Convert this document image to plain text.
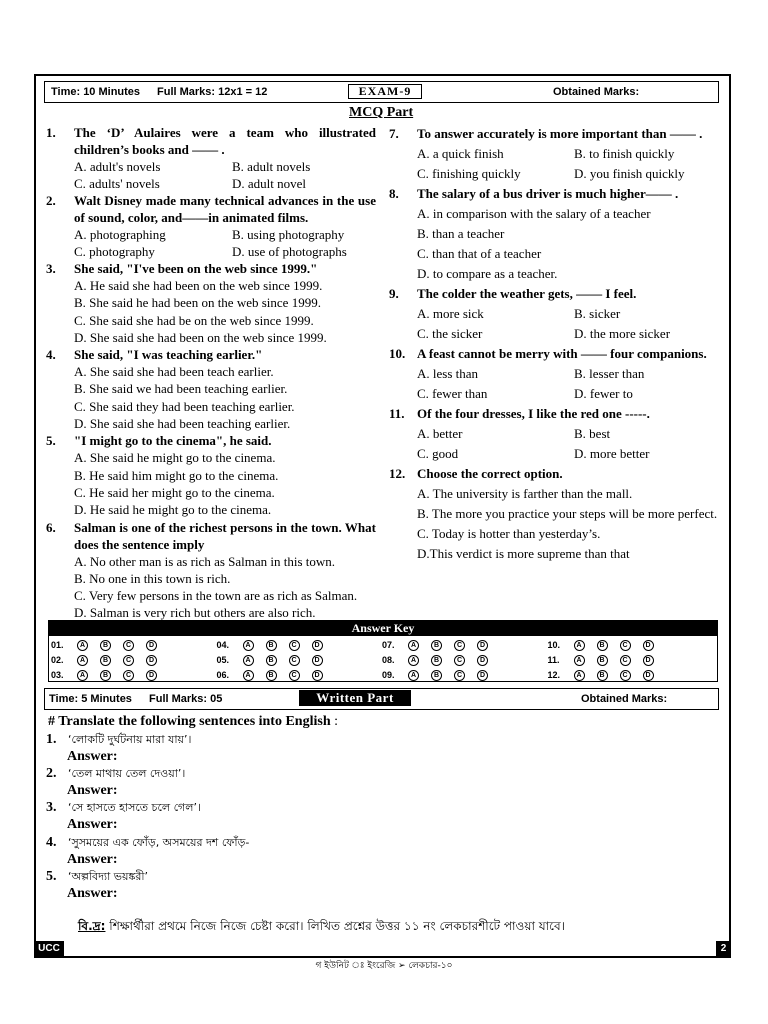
Time: 10 Minutes Full Marks: 12x1 = 12	EXAM-9	Obtained Marks:
MCQ Part
1. The ‘D’ Aulaires were a team who illustrated children’s books and —— .
A. adult's novels	B. adult novels
C. adults' novels	D. adult novel
2. Walt Disney made many technical advances in the use of sound, color, and——in animated films.
A. photographing	B. using photography
C. photography	D. use of photographs
3. She said, "I've been on the web since 1999."
A. He said she had been on the web since 1999.
B. She said he had been on the web since 1999.
C. She said she had be on the web since 1999.
D. She said she had been on the web since 1999.
4. She said, "I was teaching earlier."
A. She said she had been teach earlier.
B. She said we had been teaching earlier.
C. She said they had been teaching earlier.
D. She said she had been teaching earlier.
5. "I might go to the cinema", he said.
A. She said he might go to the cinema.
B. He said him might go to the cinema.
C. He said her might go to the cinema.
D. He said he might go to the cinema.
6. Salman is one of the richest persons in the town. What does the sentence imply
A. No other man is as rich as Salman in this town.
B. No one in this town is rich.
C. Very few persons in the town are as rich as Salman.
D. Salman is very rich but others are also rich.
7. To answer accurately is more important than —— .
A. a quick finish	B. to finish quickly
C. finishing quickly	D. you finish quickly
8. The salary of a bus driver is much higher—— .
A. in comparison with the salary of a teacher
B. than a teacher
C. than that of a teacher
D. to compare as a teacher.
9. The colder the weather gets, —— I feel.
A. more sick	B. sicker
C. the sicker	D. the more sicker
10. A feast cannot be merry with —— four companions.
A. less than	B. lesser than
C. fewer than	D. fewer to
11. Of the four dresses, I like the red one -----.
A. better	B. best
C. good	D. more better
12. Choose the correct option.
A. The university is farther than the mall.
B. The more you practice your steps will be more perfect.
C. Today is hotter than yesterday’s.
D.This verdict is more supreme than that
Answer Key
01.	A	B	C	D	04.	A	B	C	D	07.	A	B	C	D	10.	A	B	C	D
02.	A	B	C	D	05.	A	B	C	D	08.	A	B	C	D	11.	A	B	C	D
03.	A	B	C	D	06.	A	B	C	D	09.	A	B	C	D	12.	A	B	C	D
Time: 5 Minutes Full Marks: 05	Written Part	Obtained Marks:
# Translate the following sentences into English :
1. ‘লোকটি দুর্ঘটনায় মারা যায়’।
Answer:
2. ‘তেল মাথায় তেল দেওয়া’।
Answer:
3. ‘সে হাসতে হাসতে চলে গেল’।
Answer:
4. ‘সুসময়ের এক ফোঁড়, অসময়ের দশ ফোঁড়-
Answer:
5. ‘অল্পবিদ্যা ভয়ঙ্করী’
Answer:
বি.দ্র: শিক্ষার্থীরা প্রথমে নিজে নিজে চেষ্টা করো। লিখিত প্রশ্নের উত্তর ১১ নং লেকচারশীটে পাওয়া যাবে।
UCC	2
গ ইউনিট ঃ ইংরেজি ➢ লেকচার-১০
